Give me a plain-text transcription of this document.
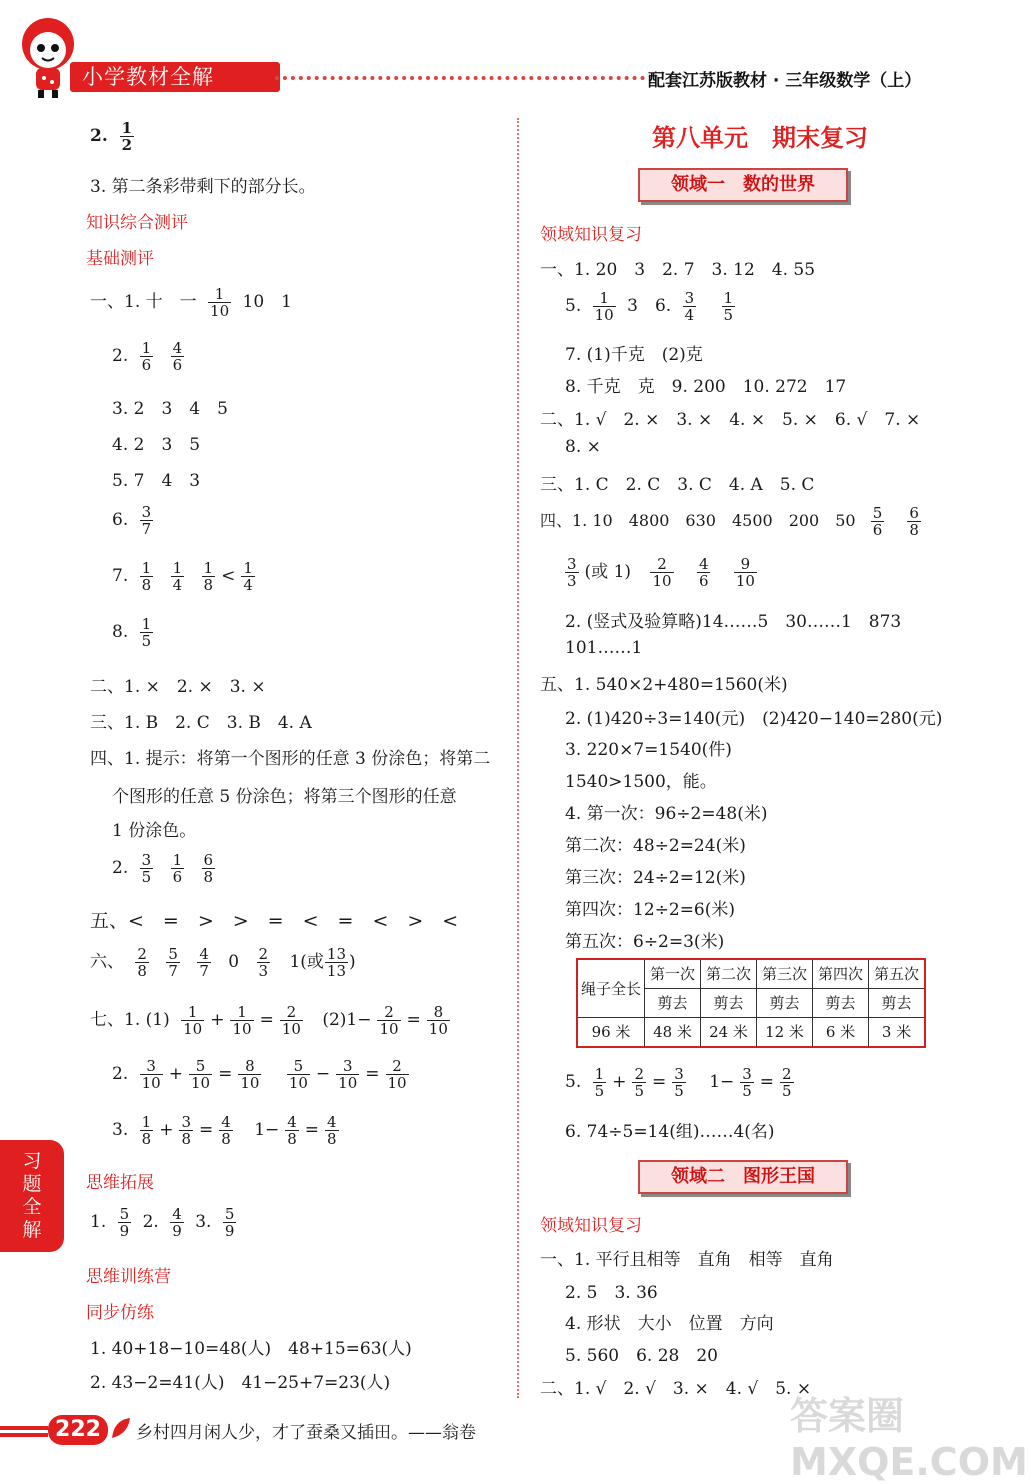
小学教材全解	配套江苏版教材 · 三年级数学（上）
2. $\frac{1}{2}$
3. 第二条彩带剩下的部分长。
知识综合测评
基础测评
一、1. 十　一 $\frac{1}{10} 10$　1
2. $\frac{1}{6}$
$\frac{4}{6}$
3. 2　3　4　5
4. 2　3　5
5. 7　4　3
6. $\frac{3}{7}$
7. $\frac{1}{8}$
$\frac{1}{4}$
$\frac{1}{8} < \frac{1}{4}$
8. $\frac{1}{5}$
二、1. ×　2. ×　3. ×
三、1. B　2. C　3. B　4. A
四、1. 提示：将第一个图形的任意 3 份涂色；将第二
个图形的任意 5 份涂色；将第三个图形的任意
1 份涂色。
2. $\frac{3}{5}$
$\frac{1}{6}$
$\frac{6}{8}$
五、<　=　>　>　=　<　=　<　>　<
六、 $\frac{2}{8}$
$\frac{5}{7}$
$\frac{4}{7} 0 \frac{2}{3} 1$(或 $\frac{13}{13}$ )
七、1. $(1) \frac{1}{10} + \frac{1}{10} = \frac{2}{10} (2)1- \frac{2}{10} = \frac{8}{10}$
2. $\frac{3}{10} + \frac{5}{10} = \frac{8}{10}$
$\frac{5}{10} - \frac{3}{10} = \frac{2}{10}$
3. $\frac{1}{8} + \frac{3}{8} = \frac{4}{8} 1- \frac{4}{8} = \frac{4}{8}$
思维拓展
1. $\frac{5}{9} 2$. $\frac{4}{9} 3$. $\frac{5}{9}$
思维训练营
同步仿练
1. 40+18−10=48(人)　48+15=63(人)
2. 43−2=41(人)　41−25+7=23(人)
第八单元　期末复习
领域一　数的世界
领域知识复习
一、1. 20　3　2. 7　3. 12　4. 55
5. $\frac{1}{10} 3$　6. $\frac{3}{4}$
$\frac{1}{5}$
7. (1)千克　(2)克
8. 千克　克　9. 200　10. 272　17
二、1. √　2. ×　3. ×　4. ×　5. ×　6. √　7. ×
8. ×
三、1. C　2. C　3. C　4. A　5. C
四、1. 10　4800　630　4500　200　$50 \frac{5}{6}$
$\frac{6}{8}$
$\frac{3}{3}$ (或 $1) \frac{2}{10}$
$\frac{4}{6}$
$\frac{9}{10}$
2. (竖式及验算略)14……5　30……1　873
101……1
五、1. 540×2+480=1560(米)
2. (1)420÷3=140(元)　(2)420−140=280(元)
3. 220×7=1540(件)
1540>1500，能。
4. 第一次：96÷2=48(米)
第二次：48÷2=24(米)
第三次：24÷2=12(米)
第四次：12÷2=6(米)
第五次：6÷2=3(米)
绳子全长	第一次	第二次	第三次	第四次	第五次
	剪去	剪去	剪去	剪去	剪去
96 米	48 米	24 米	12 米	6 米	3 米
5. $\frac{1}{5} + \frac{2}{5} = \frac{3}{5} 1- \frac{3}{5} = \frac{2}{5}$
6. 74÷5=14(组)……4(名)
领域二　图形王国
领域知识复习
一、1. 平行且相等　直角　相等　直角
2. 5　3. 36
4. 形状　大小　位置　方向
5. 560　6. 28　20
二、1. √　2. √　3. ×　4. √　5. ×
习题全解
222	乡村四月闲人少，才了蚕桑又插田。——翁卷	答案圈 MXQE.COM
